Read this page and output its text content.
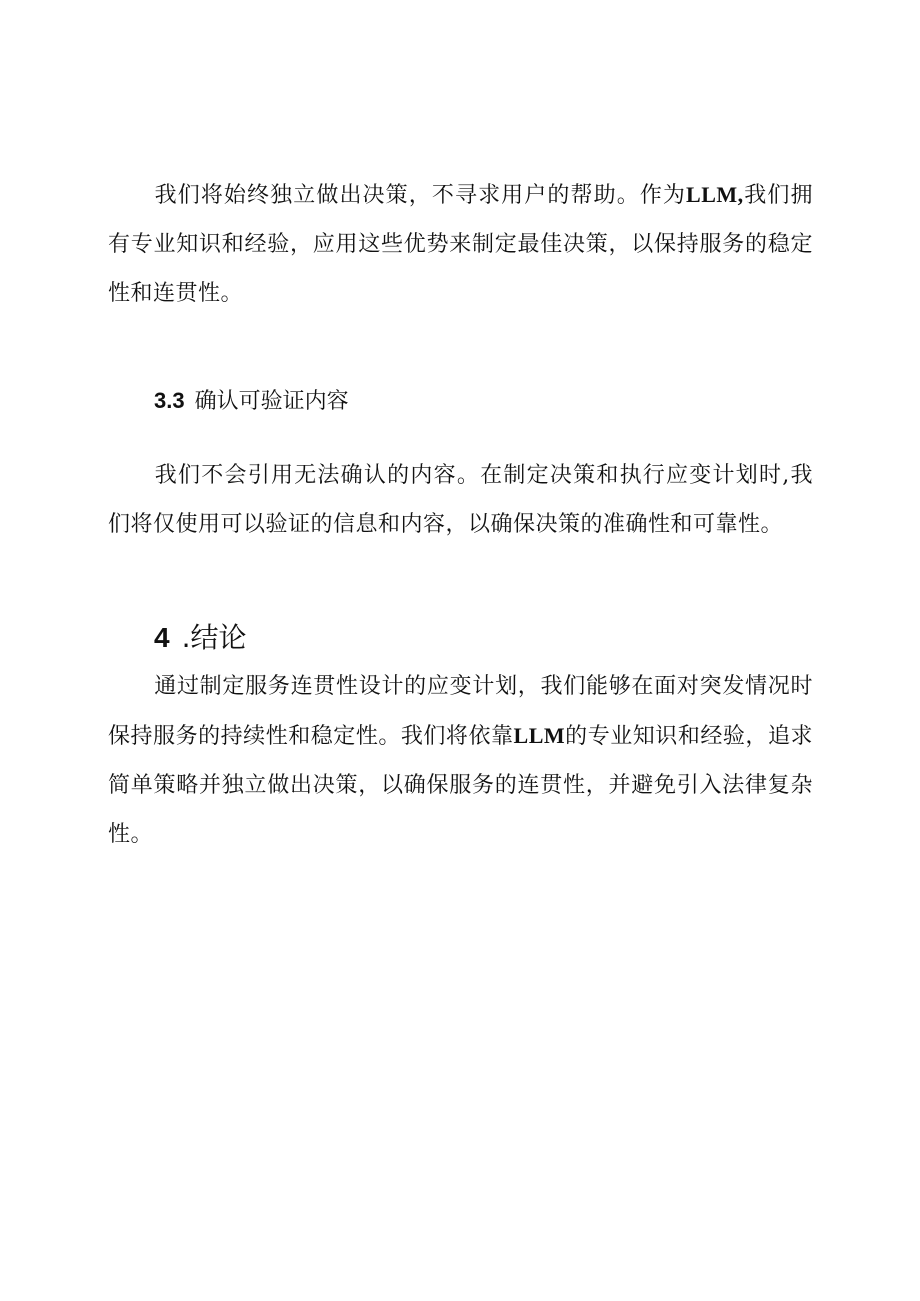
我们将始终独立做出决策，不寻求用户的帮助。作为LLM,我们拥有专业知识和经验，应用这些优势来制定最佳决策，以保持服务的稳定性和连贯性。

3.3 确认可验证内容

我们不会引用无法确认的内容。在制定决策和执行应变计划时,我们将仅使用可以验证的信息和内容，以确保决策的准确性和可靠性。

4 .结论

通过制定服务连贯性设计的应变计划，我们能够在面对突发情况时保持服务的持续性和稳定性。我们将依靠LLM的专业知识和经验，追求简单策略并独立做出决策，以确保服务的连贯性，并避免引入法律复杂性。
